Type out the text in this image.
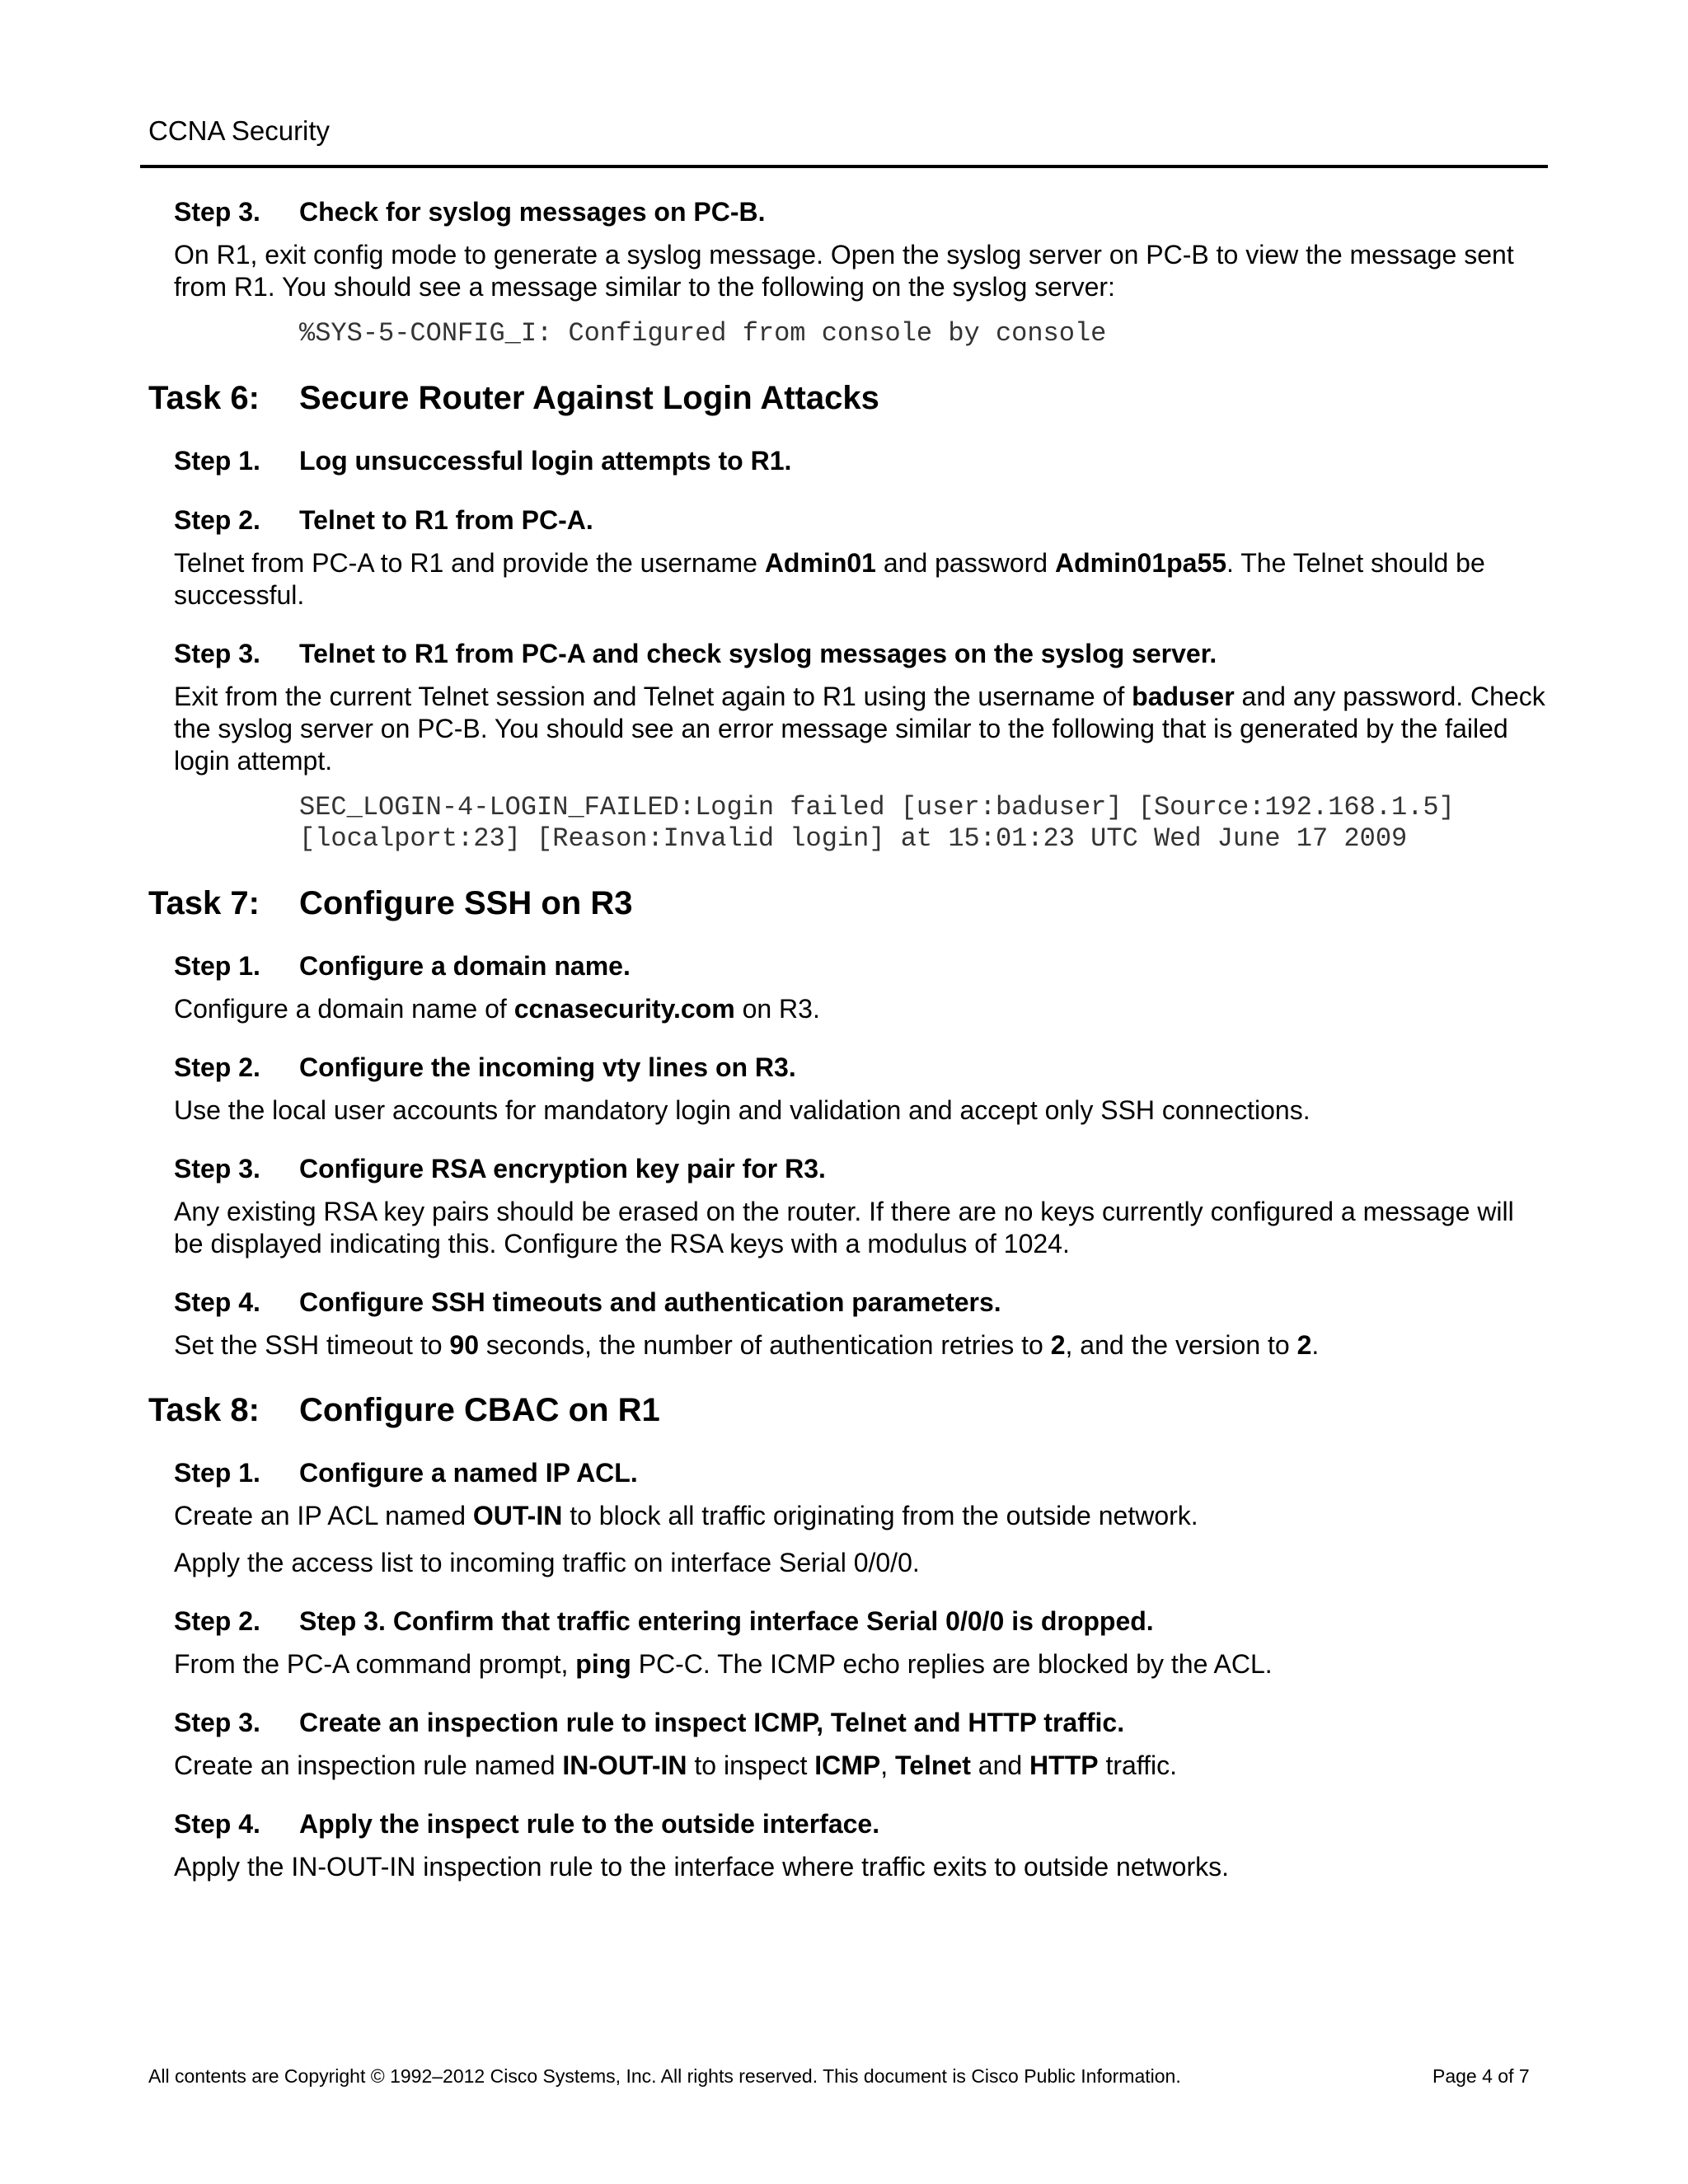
CCNA Security
Step 3.	Check for syslog messages on PC-B.

On R1, exit config mode to generate a syslog message. Open the syslog server on PC-B to view the message sent from R1. You should see a message similar to the following on the syslog server:

%SYS-5-CONFIG_I: Configured from console by console
Task 6:	Secure Router Against Login Attacks
Step 1.	Log unsuccessful login attempts to R1.
Step 2.	Telnet to R1 from PC-A.

Telnet from PC-A to R1 and provide the username Admin01 and password Admin01pa55. The Telnet should be successful.

Step 3.	Telnet to R1 from PC-A and check syslog messages on the syslog server.

Exit from the current Telnet session and Telnet again to R1 using the username of baduser and any password. Check the syslog server on PC-B. You should see an error message similar to the following that is generated by the failed login attempt.

SEC_LOGIN-4-LOGIN_FAILED:Login failed [user:baduser] [Source:192.168.1.5]
[localport:23] [Reason:Invalid login] at 15:01:23 UTC Wed June 17 2009
Task 7:	Configure SSH on R3
Step 1.	Configure a domain name.

Configure a domain name of ccnasecurity.com on R3.

Step 2.	Configure the incoming vty lines on R3.

Use the local user accounts for mandatory login and validation and accept only SSH connections.

Step 3.	Configure RSA encryption key pair for R3.

Any existing RSA key pairs should be erased on the router. If there are no keys currently configured a message will be displayed indicating this. Configure the RSA keys with a modulus of 1024.

Step 4.	Configure SSH timeouts and authentication parameters.

Set the SSH timeout to 90 seconds, the number of authentication retries to 2, and the version to 2.

Task 8:	Configure CBAC on R1
Step 1.	Configure a named IP ACL.

Create an IP ACL named OUT-IN to block all traffic originating from the outside network.

Apply the access list to incoming traffic on interface Serial 0/0/0.

Step 2.	Step 3. Confirm that traffic entering interface Serial 0/0/0 is dropped.

From the PC-A command prompt, ping PC-C. The ICMP echo replies are blocked by the ACL.

Step 3.	Create an inspection rule to inspect ICMP, Telnet and HTTP traffic.

Create an inspection rule named IN-OUT-IN to inspect ICMP, Telnet and HTTP traffic.

Step 4.	Apply the inspect rule to the outside interface.

Apply the IN-OUT-IN inspection rule to the interface where traffic exits to outside networks.

All contents are Copyright © 1992–2012 Cisco Systems, Inc. All rights reserved. This document is Cisco Public Information.	Page 4 of 7
